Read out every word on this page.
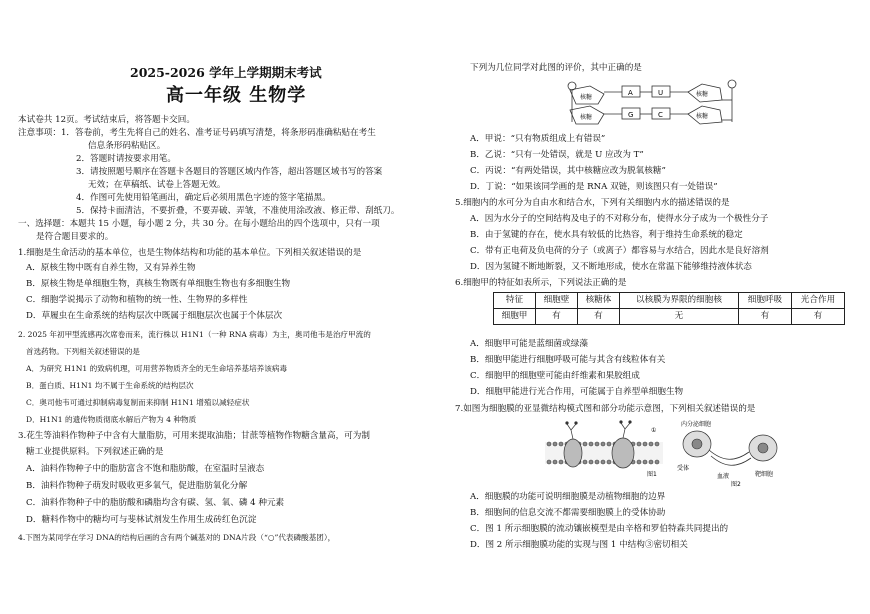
2025-2026 学年上学期期末考试
高一年级 生物学
本试卷共 12页。考试结束后，将答题卡交回。
注意事项：1．答卷前，考生先将自己的姓名、准考证号码填写清楚，将条形码准确粘贴在考生
信息条形码粘贴区。
2．答题时请按要求用笔。
3．请按照题号顺序在答题卡各题目的答题区域内作答，超出答题区域书写的答案
无效；在草稿纸、试卷上答题无效。
4．作图可先使用铅笔画出，确定后必须用黑色字迹的签字笔描黑。
5．保持卡面清洁，不要折叠，不要弄破、弄皱，不准使用涂改液、修正带、刮纸刀。
一、选择题：本题共 15 小题，每小题 2 分，共 30 分。在每小题给出的四个选项中，只有一项
是符合题目要求的。
1.细胞是生命活动的基本单位，也是生物体结构和功能的基本单位。下列相关叙述错误的是
A．原核生物中既有自养生物，又有异养生物
B．原核生物是单细胞生物，真核生物既有单细胞生物也有多细胞生物
C．细胞学说揭示了动物和植物的统一性、生物界的多样性
D．草履虫在生命系统的结构层次中既属于细胞层次也属于个体层次
2. 2025 年初甲型流感再次席卷而来，流行株以 H1N1（一种 RNA 病毒）为主，奥司他韦是治疗甲流的
首选药物。下列相关叙述错误的是
A．为研究 H1N1 的致病机理，可用营养物质齐全的无生命培养基培养该病毒
B．蛋白质、H1N1 均不属于生命系统的结构层次
C．奥司他韦可通过抑制病毒复制而来抑制 H1N1 增殖以减轻症状
D．H1N1 的遗传物质彻底水解后产物为 4 种物质
3.花生等油料作物种子中含有大量脂肪，可用来提取油脂；甘蔗等植物作物糖含量高，可为制
糖工业提供原料。下列叙述正确的是
A．油料作物种子中的脂肪富含不饱和脂肪酸，在室温时呈液态
B．油料作物种子萌发时吸收更多氧气，促进脂肪氧化分解
C．油料作物种子中的脂肪酸和磷脂均含有碳、氢、氧、磷 4 种元素
D．糖料作物中的糖均可与斐林试剂发生作用生成砖红色沉淀
4.下图为某同学在学习 DNA的结构后画的含有两个碱基对的 DNA片段（“○”代表磷酸基团），
下列为几位同学对此图的评价，其中正确的是
核糖
核糖
A
G
U
C
核糖
核糖
A．甲说：“只有物质组成上有错误”
B．乙说：“只有一处错误，就是 U 应改为 T”
C．丙说：“有两处错误，其中核糖应改为脱氧核糖”
D．丁说：“如果该同学画的是 RNA 双链，则该图只有一处错误”
5.细胞内的水可分为自由水和结合水，下列有关细胞内水的描述错误的是
A．因为水分子的空间结构及电子的不对称分布，使得水分子成为一个极性分子
B．由于氢键的存在，使水具有较低的比热容，利于维持生命系统的稳定
C．带有正电荷及负电荷的分子（或离子）都容易与水结合，因此水是良好溶剂
D．因为氢键不断地断裂，又不断地形成，使水在常温下能够维持液体状态
6.细胞甲的特征如表所示，下列说法正确的是
特征	细胞壁	核糖体	以核膜为界限的细胞核	细胞呼吸	光合作用
细胞甲	有	有	无	有	有
A．细胞甲可能是蓝细菌或绿藻
B．细胞甲能进行细胞呼吸可能与其含有线粒体有关
C．细胞甲的细胞壁可能由纤维素和果胶组成
D．细胞甲能进行光合作用，可能属于自养型单细胞生物
7.如图为细胞膜的亚显微结构模式图和部分功能示意图，下列相关叙述错误的是
①
图1
内分泌细胞
血液
受体
靶细胞
图2
A．细胞膜的功能可说明细胞膜是动植物细胞的边界
B．细胞间的信息交流不都需要细胞膜上的受体协助
C．图 1 所示细胞膜的流动镶嵌模型是由辛格和罗伯特森共同提出的
D．图 2 所示细胞膜功能的实现与图 1 中结构③密切相关
